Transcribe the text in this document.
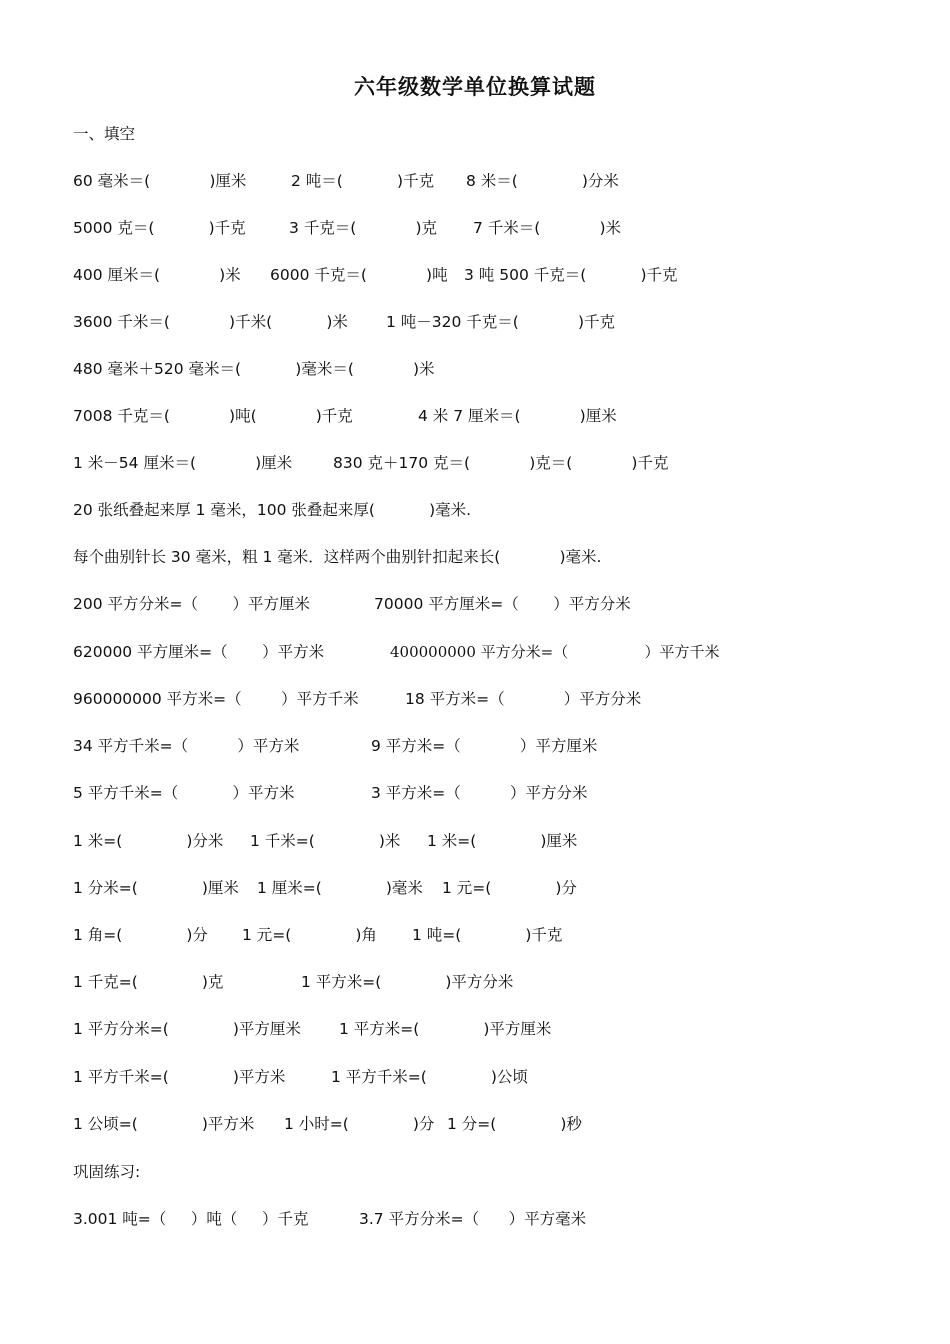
六年级数学单位换算试题

一、填空

60 毫米＝(            )厘米

	2 吨＝(           )千克

8 米＝(             )分米

5000 克＝(           )千克

	3 千克＝(            )克

7 千米＝(            )米

400 厘米＝(            )米

6000 千克＝(            )吨

3 吨 500 千克＝(           )千克

3600 千米＝(            )千米(           )米

1 吨－320 千克＝(            )千克

480 毫米＋520 毫米＝(           )毫米＝(            )米

7008 千克＝(            )吨(            )千克

	4 米 7 厘米＝(            )厘米

1 米－54 厘米＝(            )厘米

	830 克＋170 克＝(            )克＝(            )千克

20 张纸叠起来厚 1 毫米，100 张叠起来厚(           )毫米.

每个曲别针长 30 毫米，粗 1 毫米．这样两个曲别针扣起来长(            )毫米.

200 平方分米=（       ）平方厘米

	70000 平方厘米=（       ）平方分米

620000 平方厘米=（       ）平方米

	400000000 平方分米=（                ）平方千米

960000000 平方米=（        ）平方千米

	18 平方米=（            ）平方分米

34 平方千米=（          ）平方米

	9 平方米=（            ）平方厘米

5 平方千米=（           ）平方米

	3 平方米=（          ）平方分米

1 米=(             )分米

1 千米=(             )米

1 米=(             )厘米

1 分米=(             )厘米

1 厘米=(             )毫米

1 元=(             )分

1 角=(             )分

1 元=(             )角

1 吨=(             )千克

1 千克=(             )克

	1 平方米=(             )平方分米

1 平方分米=(             )平方厘米

1 平方米=(             )平方厘米

1 平方千米=(             )平方米

	1 平方千米=(             )公顷

1 公顷=(             )平方米

1 小时=(             )分

1 分=(             )秒

巩固练习:

3.001 吨=（     ）吨（     ）千克

	3.7 平方分米=（      ）平方毫米
